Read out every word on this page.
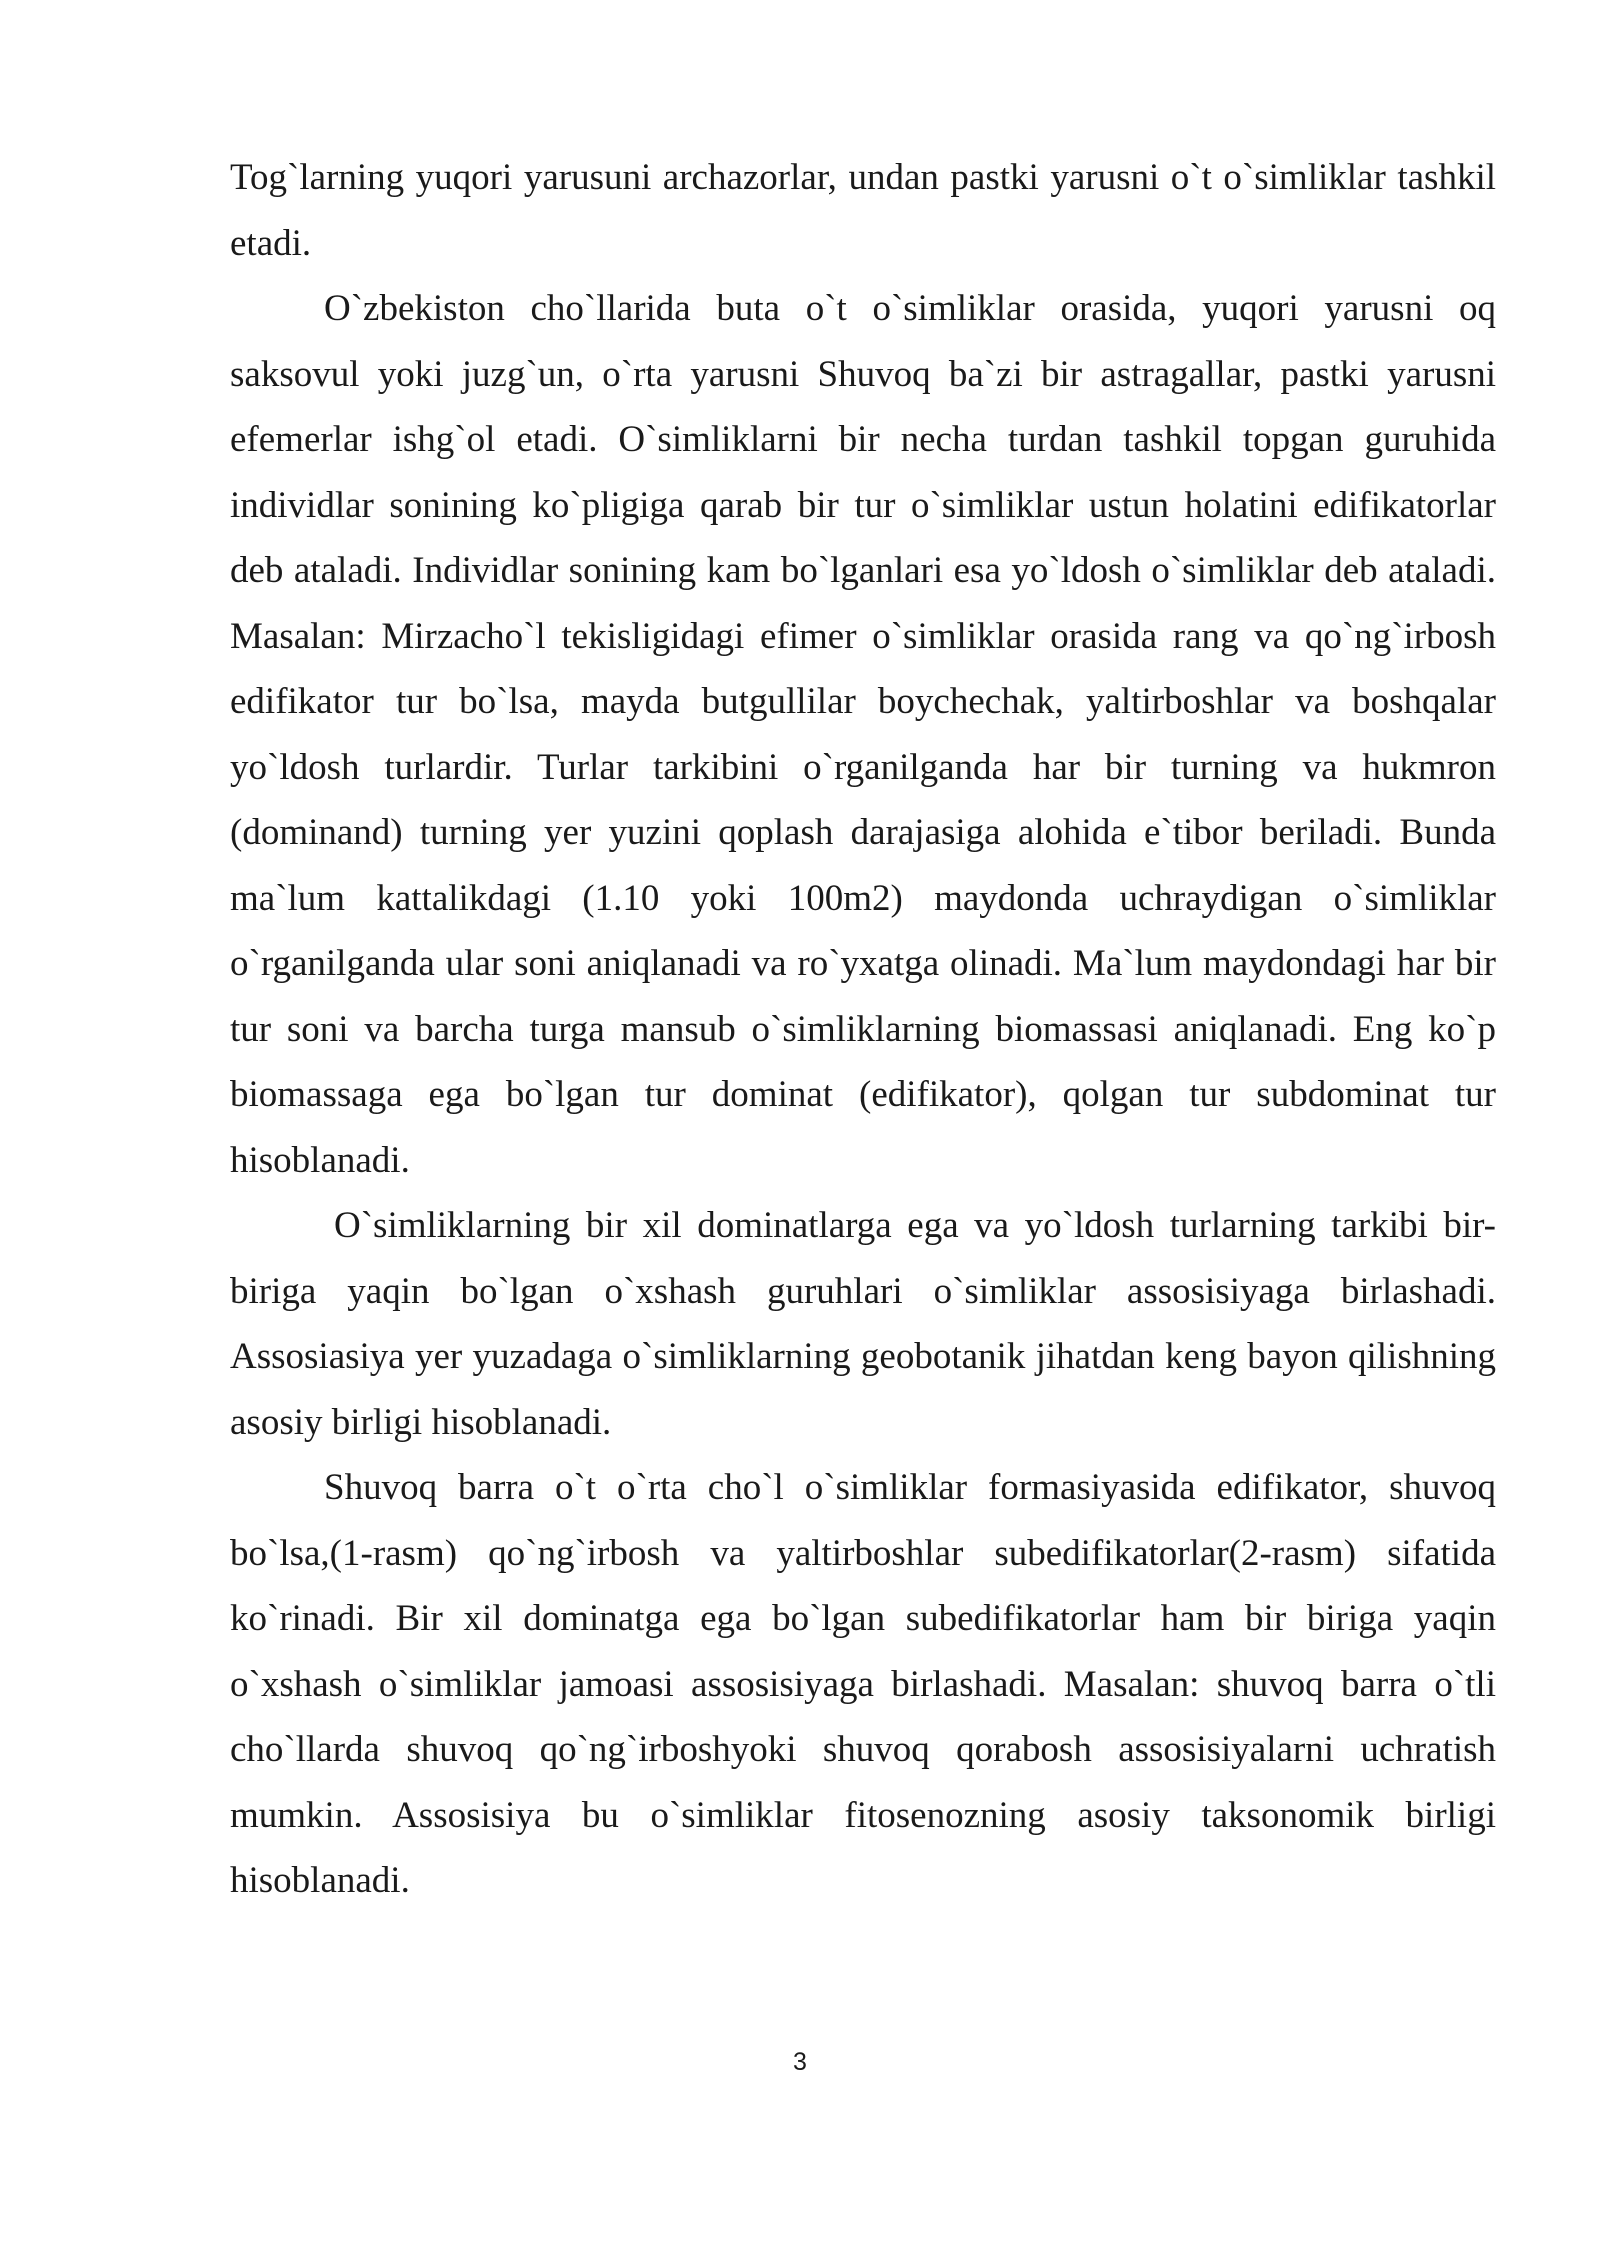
Tog`larning yuqori yarusuni archazorlar, undan pastki yarusni o`t o`simliklar tashkil etadi.

O`zbekiston cho`llarida buta o`t o`simliklar orasida, yuqori yarusni oq saksovul yoki juzg`un, o`rta yarusni Shuvoq ba`zi bir astragallar, pastki yarusni efemerlar ishg`ol etadi. O`simliklarni bir necha turdan tashkil topgan guruhida individlar sonining ko`pligiga qarab bir tur o`simliklar ustun holatini edifikatorlar deb ataladi. Individlar sonining kam bo`lganlari esa yo`ldosh o`simliklar deb ataladi. Masalan: Mirzacho`l tekisligidagi efimer o`simliklar orasida rang va qo`ng`irbosh edifikator tur bo`lsa, mayda butgullilar boychechak, yaltirboshlar va boshqalar yo`ldosh turlardir. Turlar tarkibini o`rganilganda har bir turning va hukmron (dominand) turning yer yuzini qoplash darajasiga alohida e`tibor beriladi. Bunda ma`lum kattalikdagi (1.10 yoki 100m2) maydonda uchraydigan o`simliklar o`rganilganda ular soni aniqlanadi va ro`yxatga olinadi. Ma`lum maydondagi har bir tur soni va barcha turga mansub o`simliklarning biomassasi aniqlanadi. Eng ko`p biomassaga ega bo`lgan tur dominat (edifikator), qolgan tur subdominat tur hisoblanadi.

O`simliklarning bir xil dominatlarga ega va yo`ldosh turlarning tarkibi bir-biriga yaqin bo`lgan o`xshash guruhlari o`simliklar assosisiyaga birlashadi. Assosiasiya yer yuzadaga o`simliklarning geobotanik jihatdan keng bayon qilishning asosiy birligi hisoblanadi.

Shuvoq barra o`t o`rta cho`l o`simliklar formasiyasida edifikator, shuvoq bo`lsa,(1-rasm) qo`ng`irbosh va yaltirboshlar subedifikatorlar(2-rasm) sifatida ko`rinadi. Bir xil dominatga ega bo`lgan subedifikatorlar ham bir biriga yaqin o`xshash o`simliklar jamoasi assosisiyaga birlashadi. Masalan: shuvoq barra o`tli cho`llarda shuvoq qo`ng`irboshyoki shuvoq qorabosh assosisiyalarni uchratish mumkin. Assosisiya bu o`simliklar fitosenozning asosiy taksonomik birligi hisoblanadi.

3
